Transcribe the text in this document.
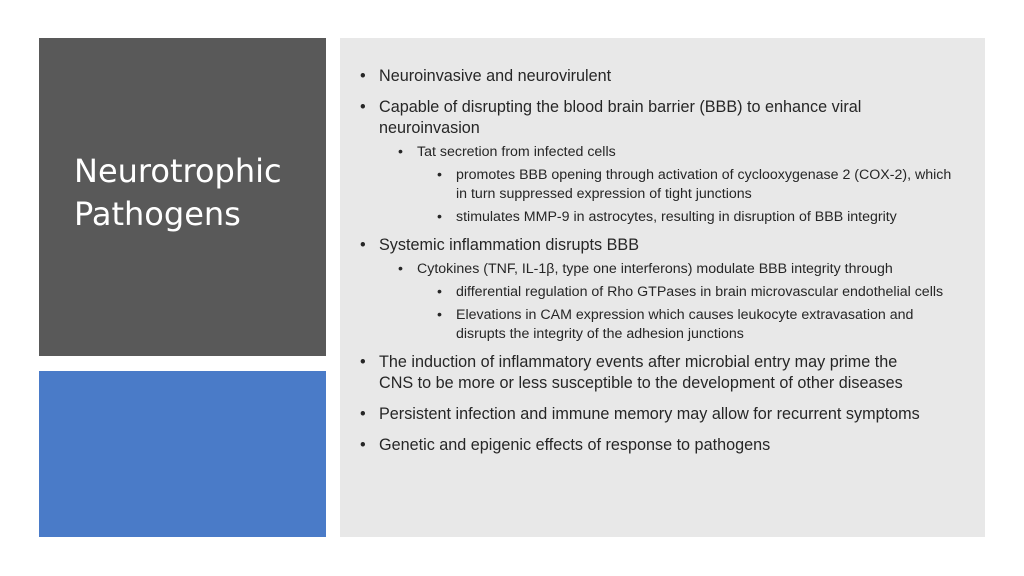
Neurotrophic
Pathogens
• Neuroinvasive and neurovirulent
• Capable of disrupting the blood brain barrier (BBB) to enhance viral neuroinvasion
• Tat secretion from infected cells
• promotes BBB opening through activation of cyclooxygenase 2 (COX-2), which in turn suppressed expression of tight junctions
• stimulates MMP-9 in astrocytes, resulting in disruption of BBB integrity
• Systemic inflammation disrupts BBB
• Cytokines (TNF, IL-1β, type one interferons) modulate BBB integrity through
• differential regulation of Rho GTPases in brain microvascular endothelial cells
• Elevations in CAM expression which causes leukocyte extravasation and disrupts the integrity of the adhesion junctions
• The induction of inflammatory events after microbial entry may prime the CNS to be more or less susceptible to the development of other diseases
• Persistent infection and immune memory may allow for recurrent symptoms
• Genetic and epigenic effects of response to pathogens
